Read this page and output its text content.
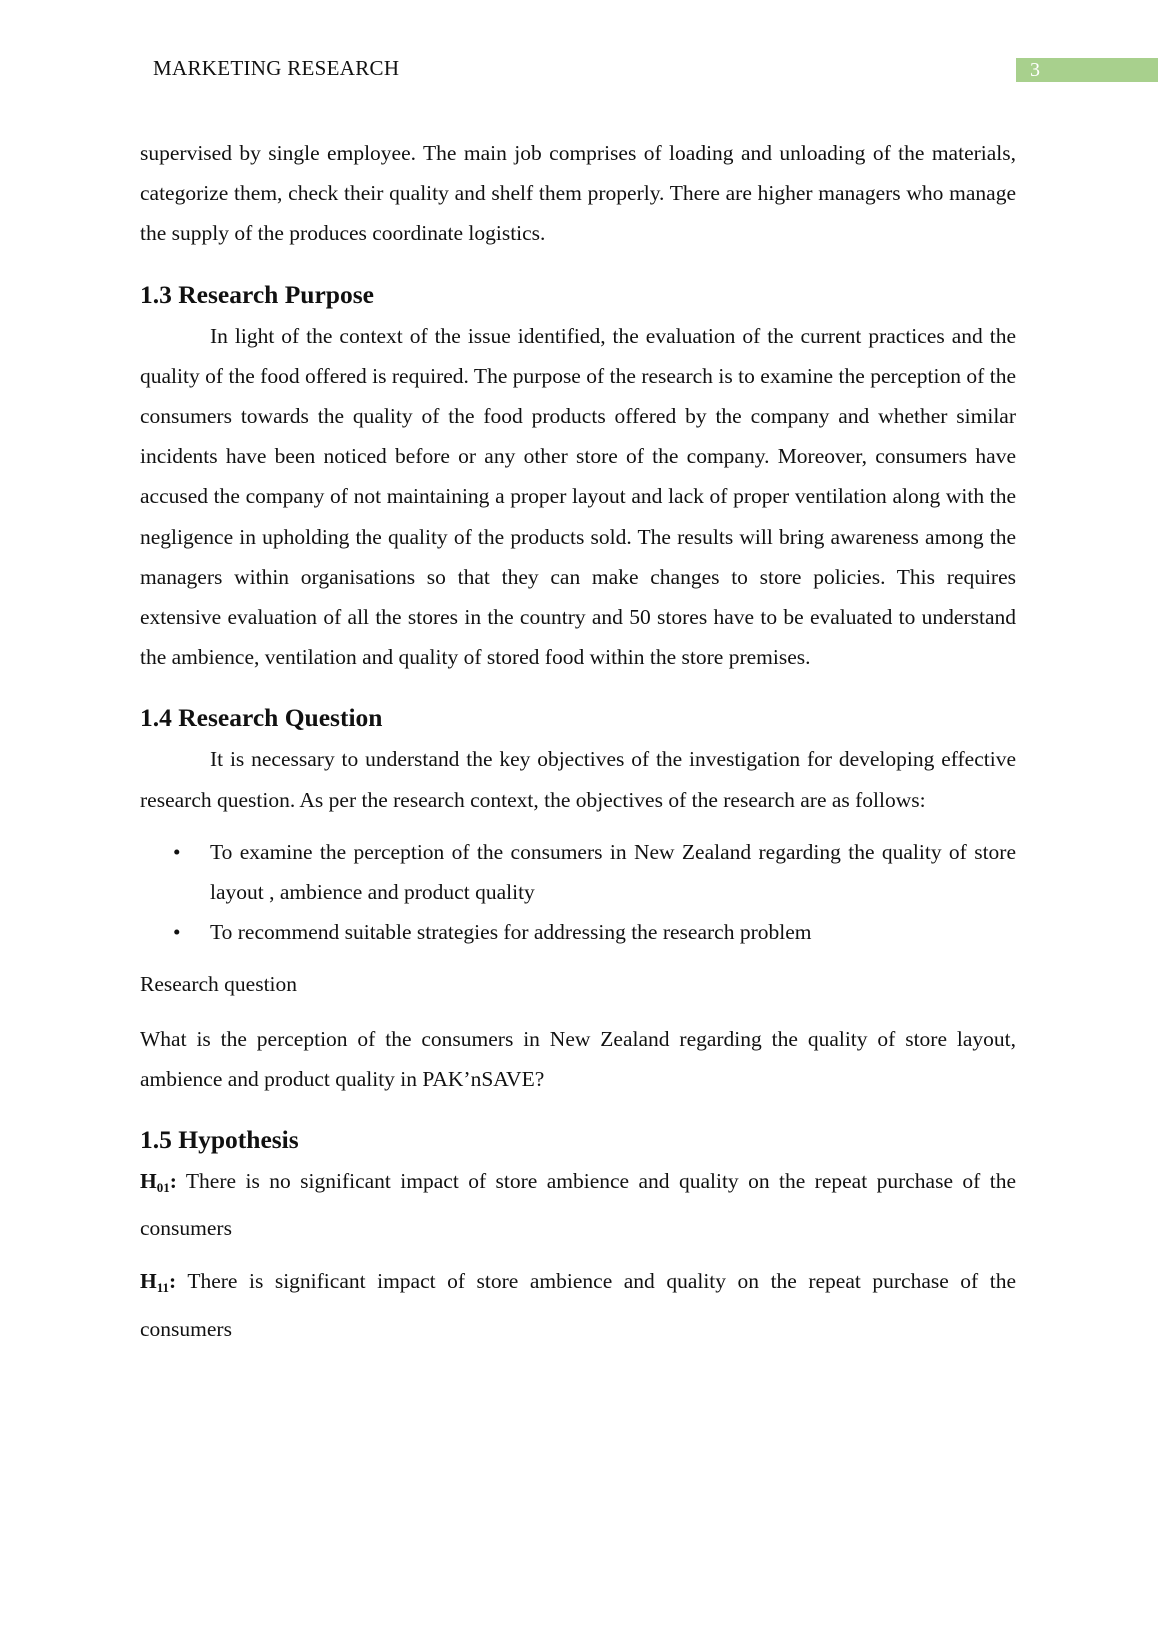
MARKETING RESEARCH	3

supervised by single employee. The main job comprises of loading and unloading of the materials, categorize them, check their quality and shelf them properly. There are higher managers who manage the supply of the produces coordinate logistics.

1.3 Research Purpose

In light of the context of the issue identified, the evaluation of the current practices and the quality of the food offered is required. The purpose of the research is to examine the perception of the consumers towards the quality of the food products offered by the company and whether similar incidents have been noticed before or any other store of the company. Moreover, consumers have accused the company of not maintaining a proper layout and lack of proper ventilation along with the negligence in upholding the quality of the products sold. The results will bring awareness among the managers within organisations so that they can make changes to store policies. This requires extensive evaluation of all the stores in the country and 50 stores have to be evaluated to understand the ambience, ventilation and quality of stored food within the store premises.

1.4 Research Question

It is necessary to understand the key objectives of the investigation for developing effective research question. As per the research context, the objectives of the research are as follows:

• To examine the perception of the consumers in New Zealand regarding the quality of store layout , ambience and product quality
• To recommend suitable strategies for addressing the research problem

Research question

What is the perception of the consumers in New Zealand regarding the quality of store layout, ambience and product quality in PAK’nSAVE?

1.5 Hypothesis

$H_{01}$: There is no significant impact of store ambience and quality on the repeat purchase of the consumers

$H_{11}$: There is significant impact of store ambience and quality on the repeat purchase of the consumers
